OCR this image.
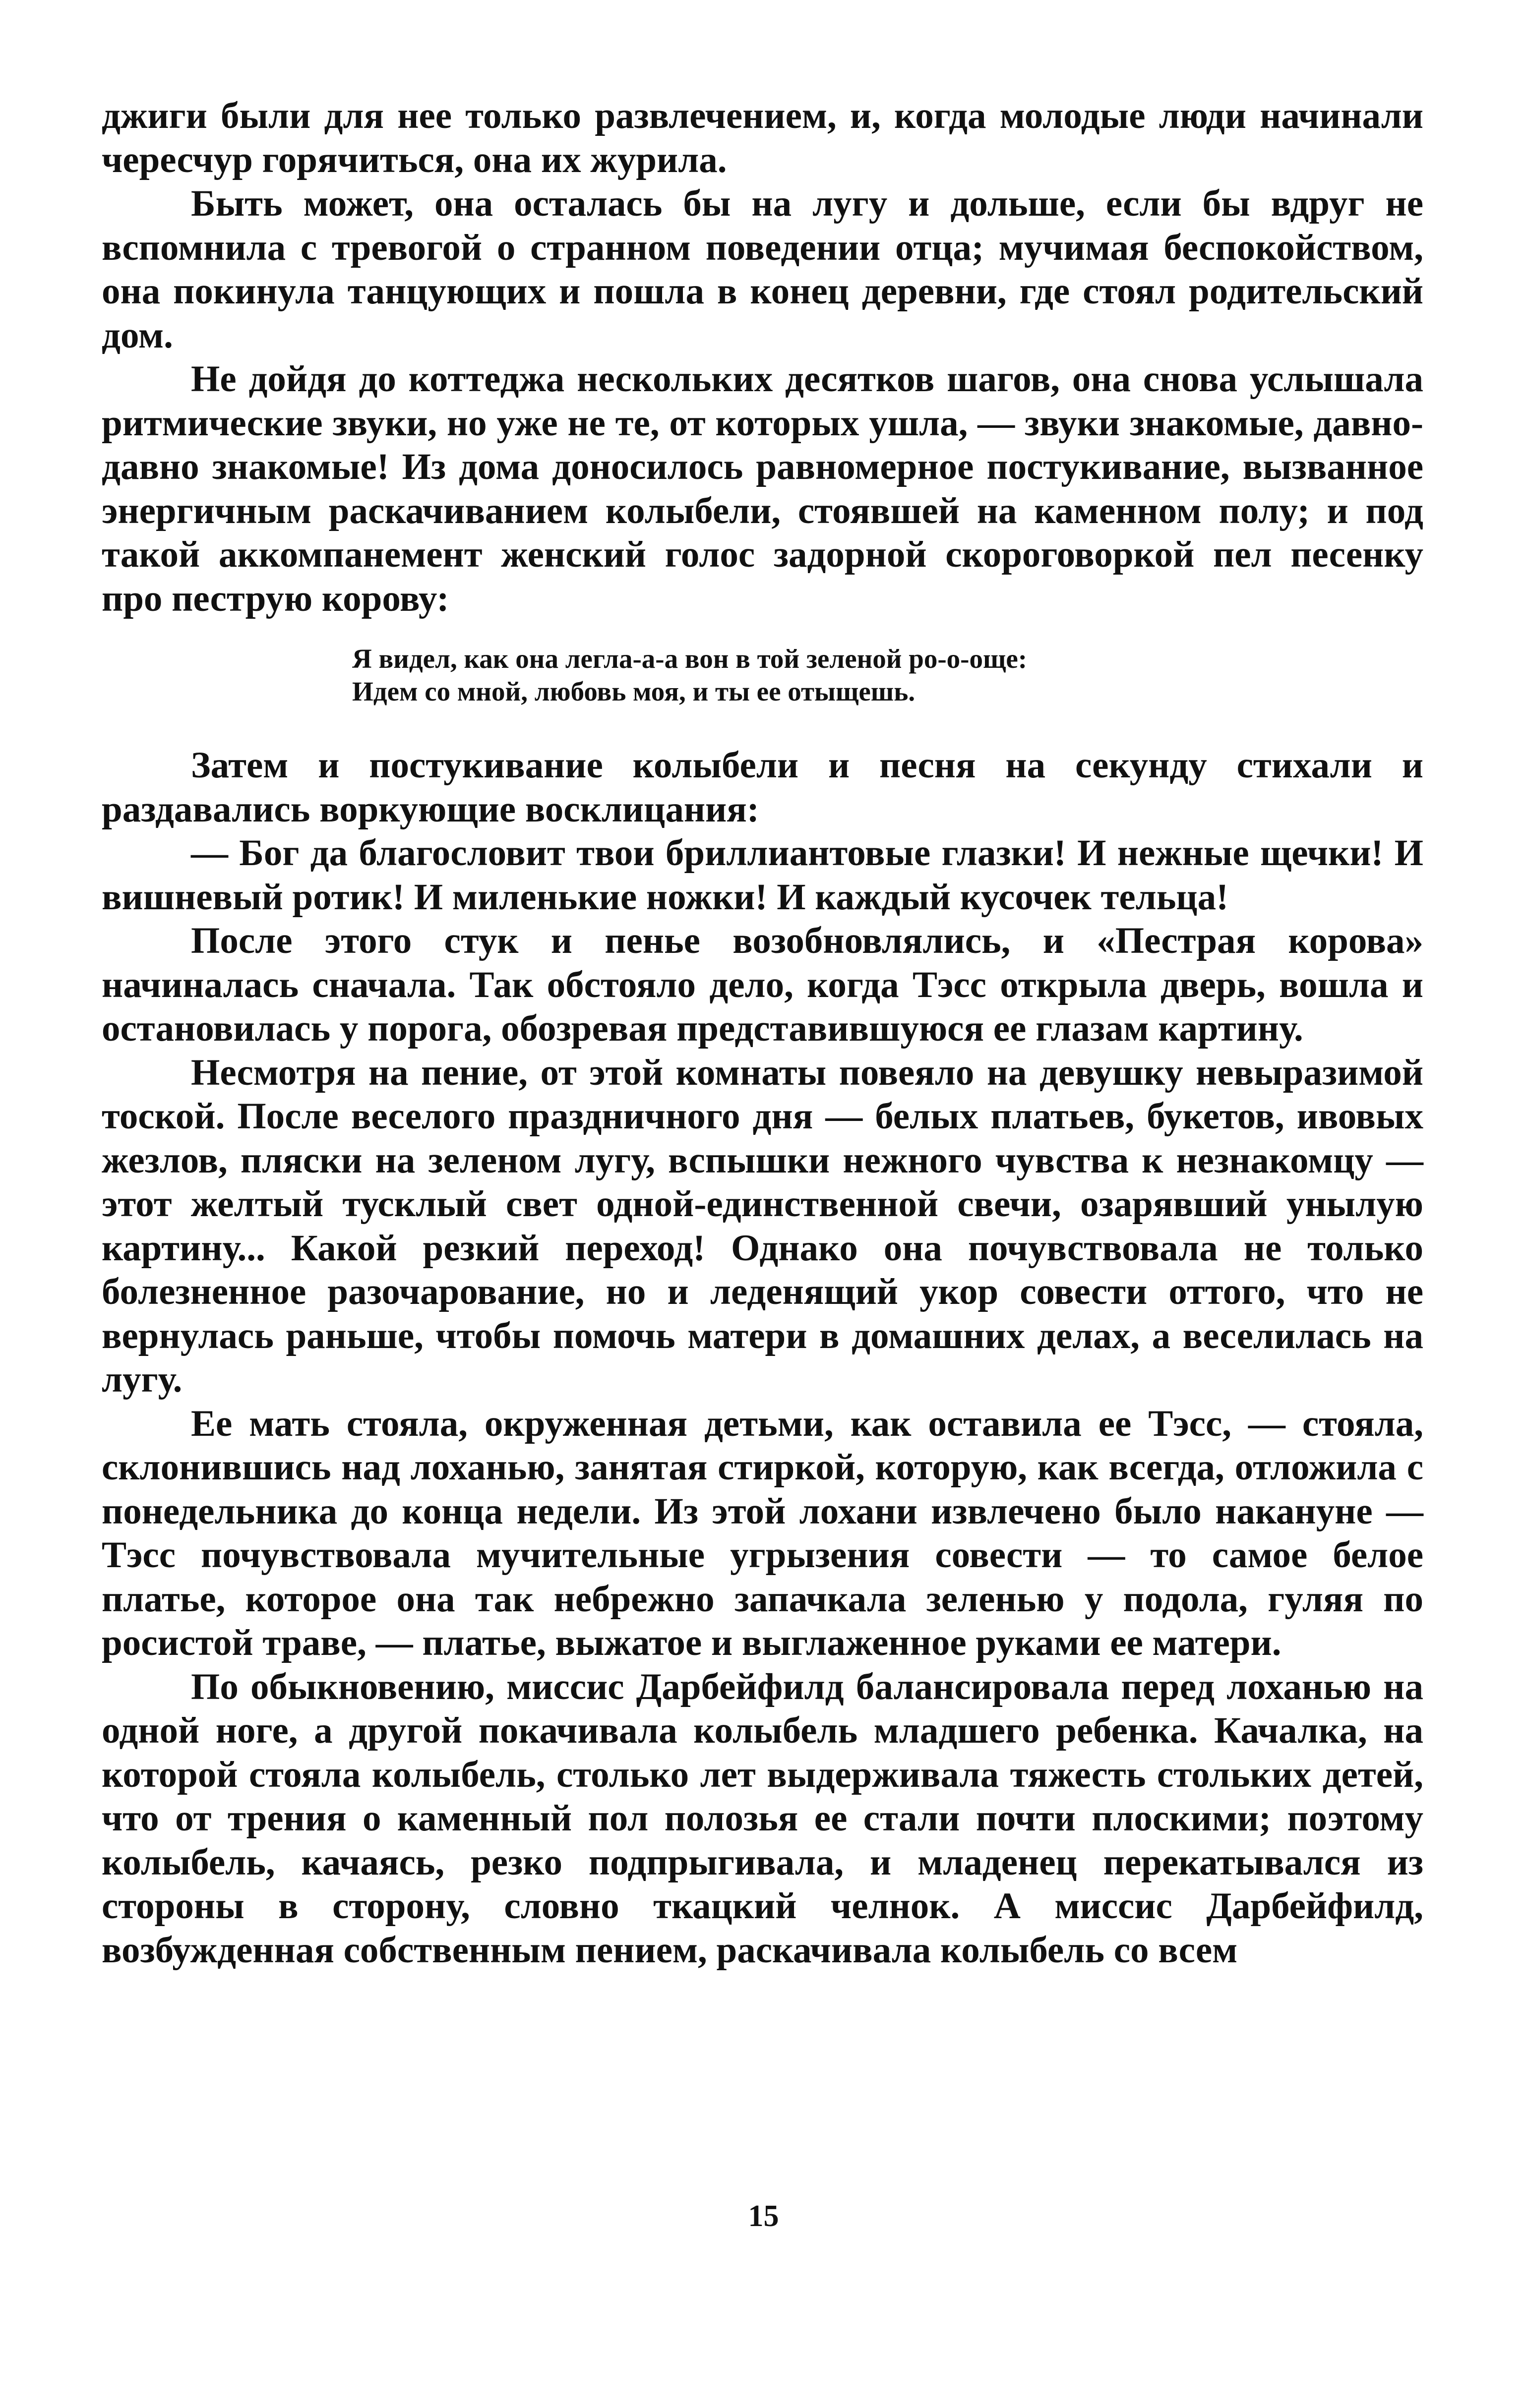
джиги были для нее только развлечением, и, когда молодые люди начинали чересчур горячиться, она их журила.

Быть может, она осталась бы на лугу и дольше, если бы вдруг не вспомнила с тревогой о странном поведении отца; мучимая беспокойством, она покинула танцующих и пошла в конец деревни, где стоял родительский дом.

Не дойдя до коттеджа нескольких десятков шагов, она снова услышала ритмические звуки, но уже не те, от которых ушла, — звуки знакомые, давно-давно знакомые! Из дома доносилось равномерное постукивание, вызванное энергичным раскачиванием колыбели, стоявшей на каменном полу; и под такой аккомпанемент женский голос задорной скороговоркой пел песенку про пеструю корову:

Я видел, как она легла-а-а вон в той зеленой ро-о-още:
Идем со мной, любовь моя, и ты ее отыщешь.

Затем и постукивание колыбели и песня на секунду стихали и раздавались воркующие восклицания:

— Бог да благословит твои бриллиантовые глазки! И нежные щечки! И вишневый ротик! И миленькие ножки! И каждый кусочек тельца!

После этого стук и пенье возобновлялись, и «Пестрая корова» начиналась сначала. Так обстояло дело, когда Тэсс открыла дверь, вошла и остановилась у порога, обозревая представившуюся ее глазам картину.

Несмотря на пение, от этой комнаты повеяло на девушку невыразимой тоской. После веселого праздничного дня — белых платьев, букетов, ивовых жезлов, пляски на зеленом лугу, вспышки нежного чувства к незнакомцу — этот желтый тусклый свет одной-единственной свечи, озарявший унылую картину... Какой резкий переход! Однако она почувствовала не только болезненное разочарование, но и леденящий укор совести оттого, что не вернулась раньше, чтобы помочь матери в домашних делах, а веселилась на лугу.

Ее мать стояла, окруженная детьми, как оставила ее Тэсс, — стояла, склонившись над лоханью, занятая стиркой, которую, как всегда, отложила с понедельника до конца недели. Из этой лохани извлечено было накануне — Тэсс почувствовала мучительные угрызения совести — то самое белое платье, которое она так небрежно запачкала зеленью у подола, гуляя по росистой траве, — платье, выжатое и выглаженное руками ее матери.

По обыкновению, миссис Дарбейфилд балансировала перед лоханью на одной ноге, а другой покачивала колыбель младшего ребенка. Качалка, на которой стояла колыбель, столько лет выдерживала тяжесть стольких детей, что от трения о каменный пол полозья ее стали почти плоскими; поэтому колыбель, качаясь, резко подпрыгивала, и младенец перекатывался из стороны в сторону, словно ткацкий челнок. А миссис Дарбейфилд, возбужденная собственным пением, раскачивала колыбель со всем

15
